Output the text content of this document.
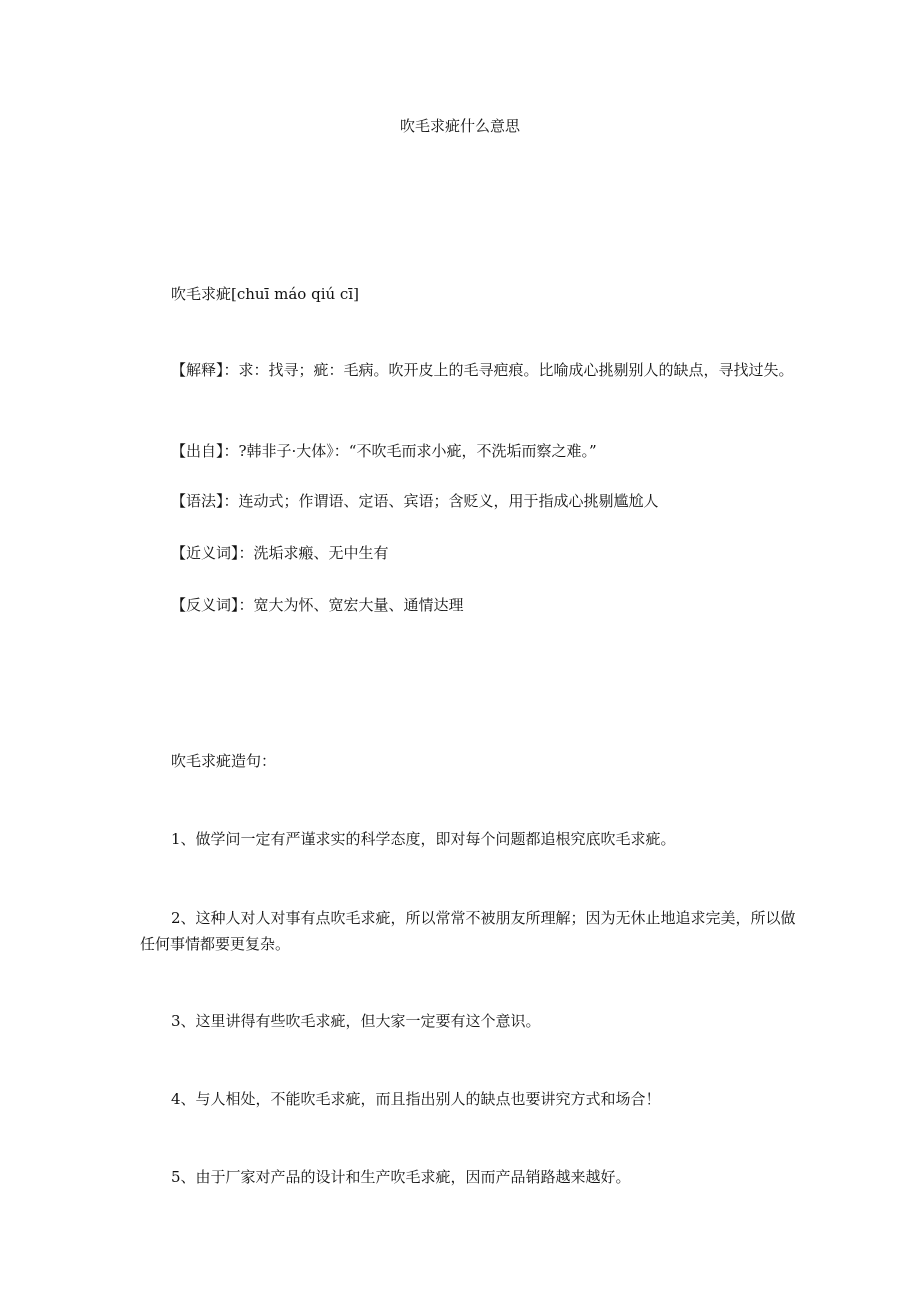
吹毛求疵什么意思
吹毛求疵[chuī máo qiú cī]
【解释】：求：找寻；疵：毛病。吹开皮上的毛寻疤痕。比喻成心挑剔别人的缺点，寻找过失。
【出自】：?韩非子·大体》：“不吹毛而求小疵，不洗垢而察之难。”
【语法】：连动式；作谓语、定语、宾语；含贬义，用于指成心挑剔尴尬人
【近义词】：洗垢求瘢、无中生有
【反义词】：宽大为怀、宽宏大量、通情达理
吹毛求疵造句：
1、做学问一定有严谨求实的科学态度，即对每个问题都追根究底吹毛求疵。
2、这种人对人对事有点吹毛求疵，所以常常不被朋友所理解；因为无休止地追求完美，所以做任何事情都要更复杂。
3、这里讲得有些吹毛求疵，但大家一定要有这个意识。
4、与人相处，不能吹毛求疵，而且指出别人的缺点也要讲究方式和场合！
5、由于厂家对产品的设计和生产吹毛求疵，因而产品销路越来越好。
